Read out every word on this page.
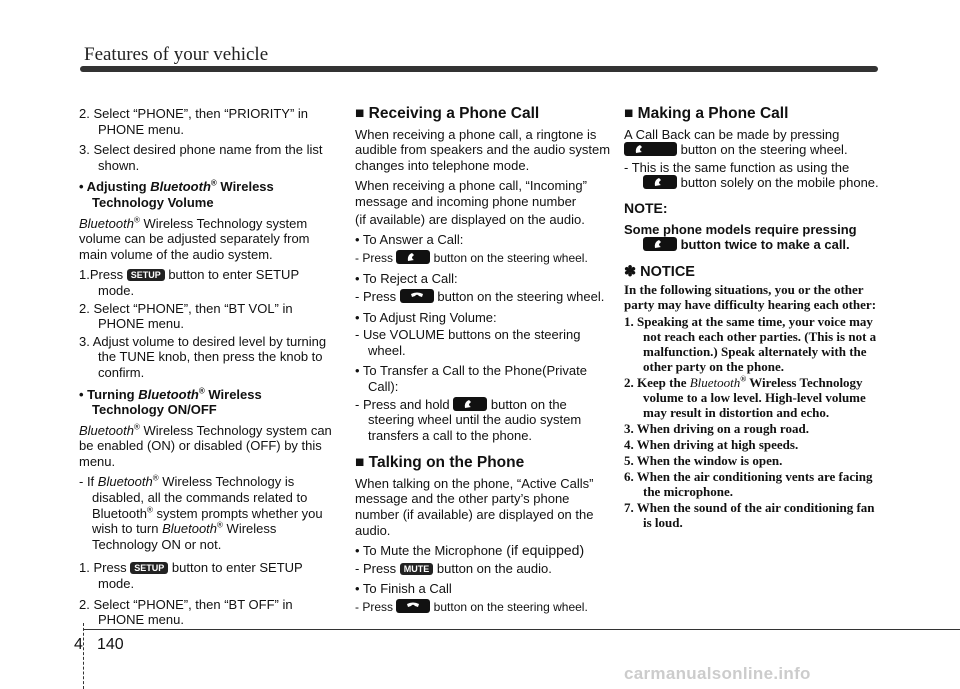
Features of your vehicle

2. Select “PHONE”, then “PRIORITY” in PHONE menu.

3. Select desired phone name from the list shown.

• Adjusting Bluetooth® Wireless Technology Volume

Bluetooth® Wireless Technology system volume can be adjusted separately from main volume of the audio system.

1.Press SETUP button to enter SETUP mode.

2. Select “PHONE”, then “BT VOL” in PHONE menu.

3. Adjust volume to desired level by turning the TUNE knob, then press the knob to confirm.

• Turning Bluetooth® Wireless Technology ON/OFF

Bluetooth® Wireless Technology system can be enabled (ON) or disabled (OFF) by this menu.

- If Bluetooth® Wireless Technology is disabled, all the commands related to Bluetooth® system prompts whether you wish to turn Bluetooth® Wireless Technology ON or not.

1. Press SETUP button to enter SETUP mode.

2. Select “PHONE”, then “BT OFF” in PHONE menu.

■ Receiving a Phone Call

When receiving a phone call, a ringtone is audible from speakers and the audio system changes into telephone mode.

When receiving a phone call, “Incoming” message and incoming phone number

(if available) are displayed on the audio.

• To Answer a Call:

- Press	button on the steering wheel.

• To Reject a Call:

- Press	button on the steering wheel.

• To Adjust Ring Volume:

- Use VOLUME buttons on the steering wheel.

• To Transfer a Call to the Phone(Private Call):

- Press and hold	button on the steering wheel until the audio system transfers a call to the phone.

■ Talking on the Phone

When talking on the phone, “Active Calls” message and the other party’s phone number (if available) are displayed on the audio.

• To Mute the Microphone (if equipped)

- Press MUTE button on the audio.

• To Finish a Call

- Press	button on the steering wheel.

■ Making a Phone Call

A Call Back can be made by pressing

button on the steering wheel.

- This is the same function as using the

button solely on the mobile phone.

NOTE:

Some phone models require pressing

button twice to make a call.

✽ NOTICE

In the following situations, you or the other party may have difficulty hearing each other:

1. Speaking at the same time, your voice may not reach each other parties. (This is not a malfunction.) Speak alternately with the other party on the phone.

2. Keep the Bluetooth® Wireless Technology volume to a low level. High-level volume may result in distortion and echo.

3. When driving on a rough road.

4. When driving at high speeds.

5. When the window is open.

6. When the air conditioning vents are facing the microphone.

7. When the sound of the air conditioning fan is loud.

4 140
carmanualsonline.info
